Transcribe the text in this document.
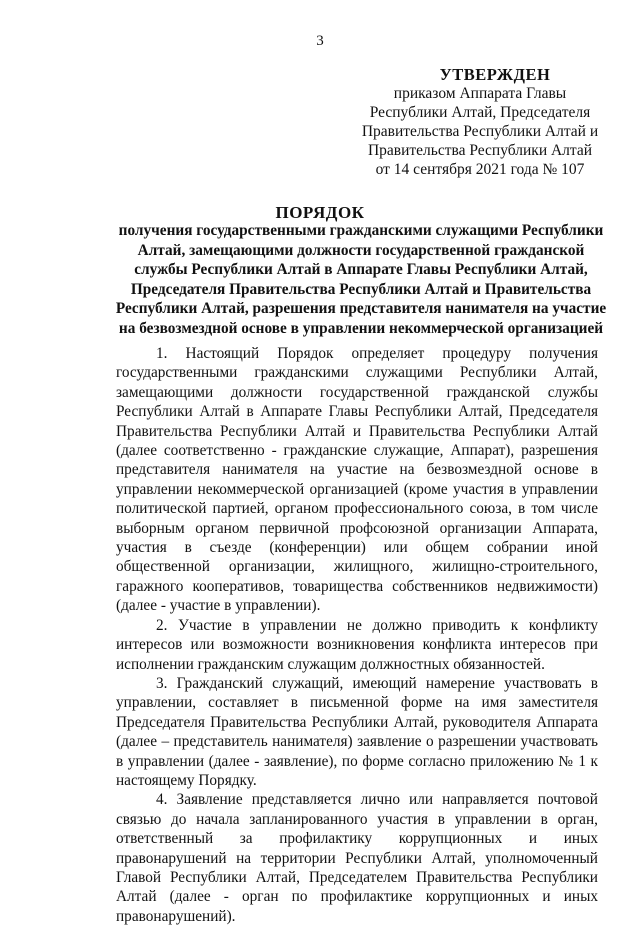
3
УТВЕРЖДЕН
приказом Аппарата Главы
Республики Алтай, Председателя
Правительства Республики Алтай и
Правительства Республики Алтай
от 14 сентября 2021 года № 107
ПОРЯДОК
получения государственными гражданскими служащими Республики
Алтай, замещающими должности государственной гражданской
службы Республики Алтай в Аппарате Главы Республики Алтай,
Председателя Правительства Республики Алтай и Правительства
Республики Алтай, разрешения представителя нанимателя на участие
на безвозмездной основе в управлении некоммерческой организацией

1. Настоящий Порядок определяет процедуру получения государственными гражданскими служащими Республики Алтай, замещающими должности государственной гражданской службы Республики Алтай в Аппарате Главы Республики Алтай, Председателя Правительства Республики Алтай и Правительства Республики Алтай (далее соответственно - гражданские служащие, Аппарат), разрешения представителя нанимателя на участие на безвозмездной основе в управлении некоммерческой организацией (кроме участия в управлении политической партией, органом профессионального союза, в том числе выборным органом первичной профсоюзной организации Аппарата, участия в съезде (конференции) или общем собрании иной общественной организации, жилищного, жилищно-строительного, гаражного кооперативов, товарищества собственников недвижимости) (далее - участие в управлении).

2. Участие в управлении не должно приводить к конфликту интересов или возможности возникновения конфликта интересов при исполнении гражданским служащим должностных обязанностей.

3. Гражданский служащий, имеющий намерение участвовать в управлении, составляет в письменной форме на имя заместителя Председателя Правительства Республики Алтай, руководителя Аппарата (далее – представитель нанимателя) заявление о разрешении участвовать в управлении (далее - заявление), по форме согласно приложению № 1 к настоящему Порядку.

4. Заявление представляется лично или направляется почтовой связью до начала запланированного участия в управлении в орган, ответственный за профилактику коррупционных и иных правонарушений на территории Республики Алтай, уполномоченный Главой Республики Алтай, Председателем Правительства Республики Алтай (далее - орган по профилактике коррупционных и иных правонарушений).
